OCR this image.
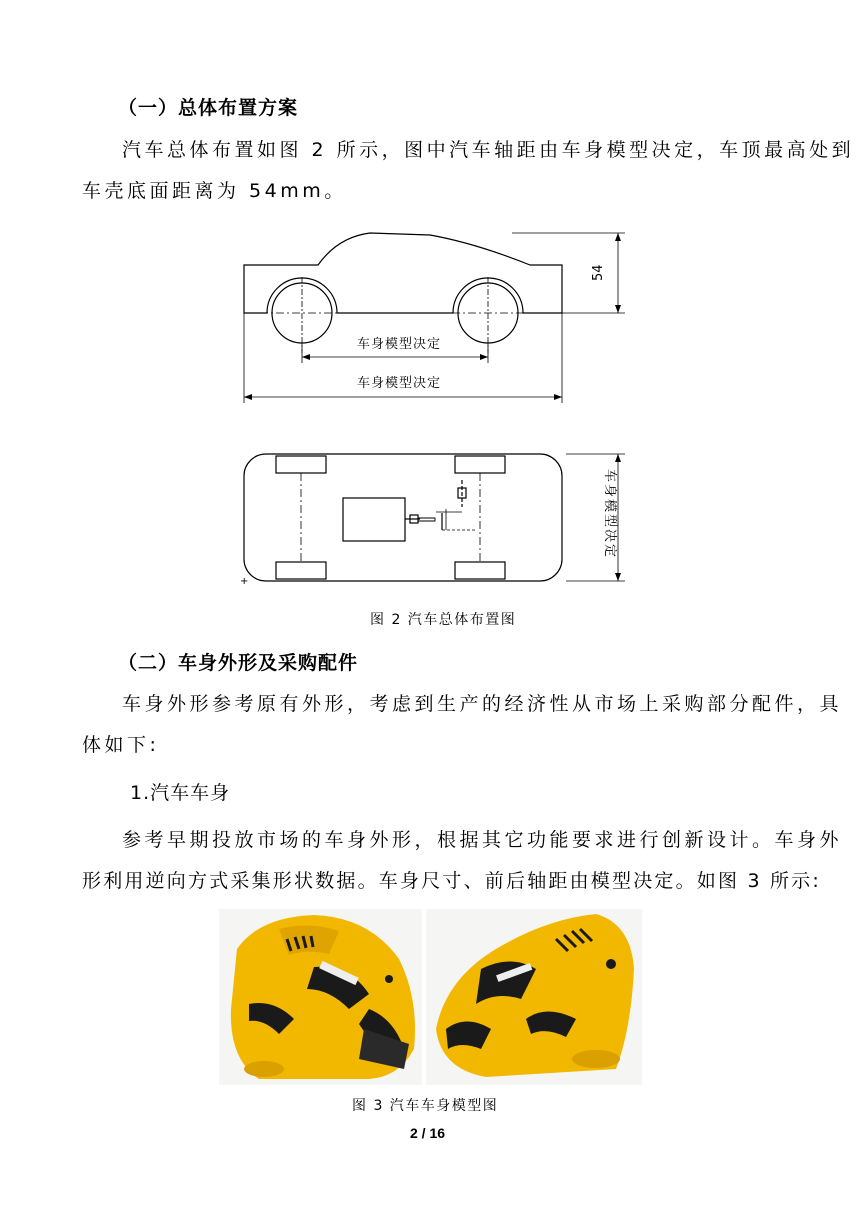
（一）总体布置方案
汽车总体布置如图 2 所示，图中汽车轴距由车身模型决定，车顶最高处到
车壳底面距离为 54mm。
54
车身模型决定
车身模型决定
车身模型决定
+
图 2 汽车总体布置图
（二）车身外形及采购配件
车身外形参考原有外形，考虑到生产的经济性从市场上采购部分配件，具
体如下:
1.汽车车身
参考早期投放市场的车身外形，根据其它功能要求进行创新设计。车身外
形利用逆向方式采集形状数据。车身尺寸、前后轴距由模型决定。如图 3 所示:
图 3 汽车车身模型图
2 / 16
